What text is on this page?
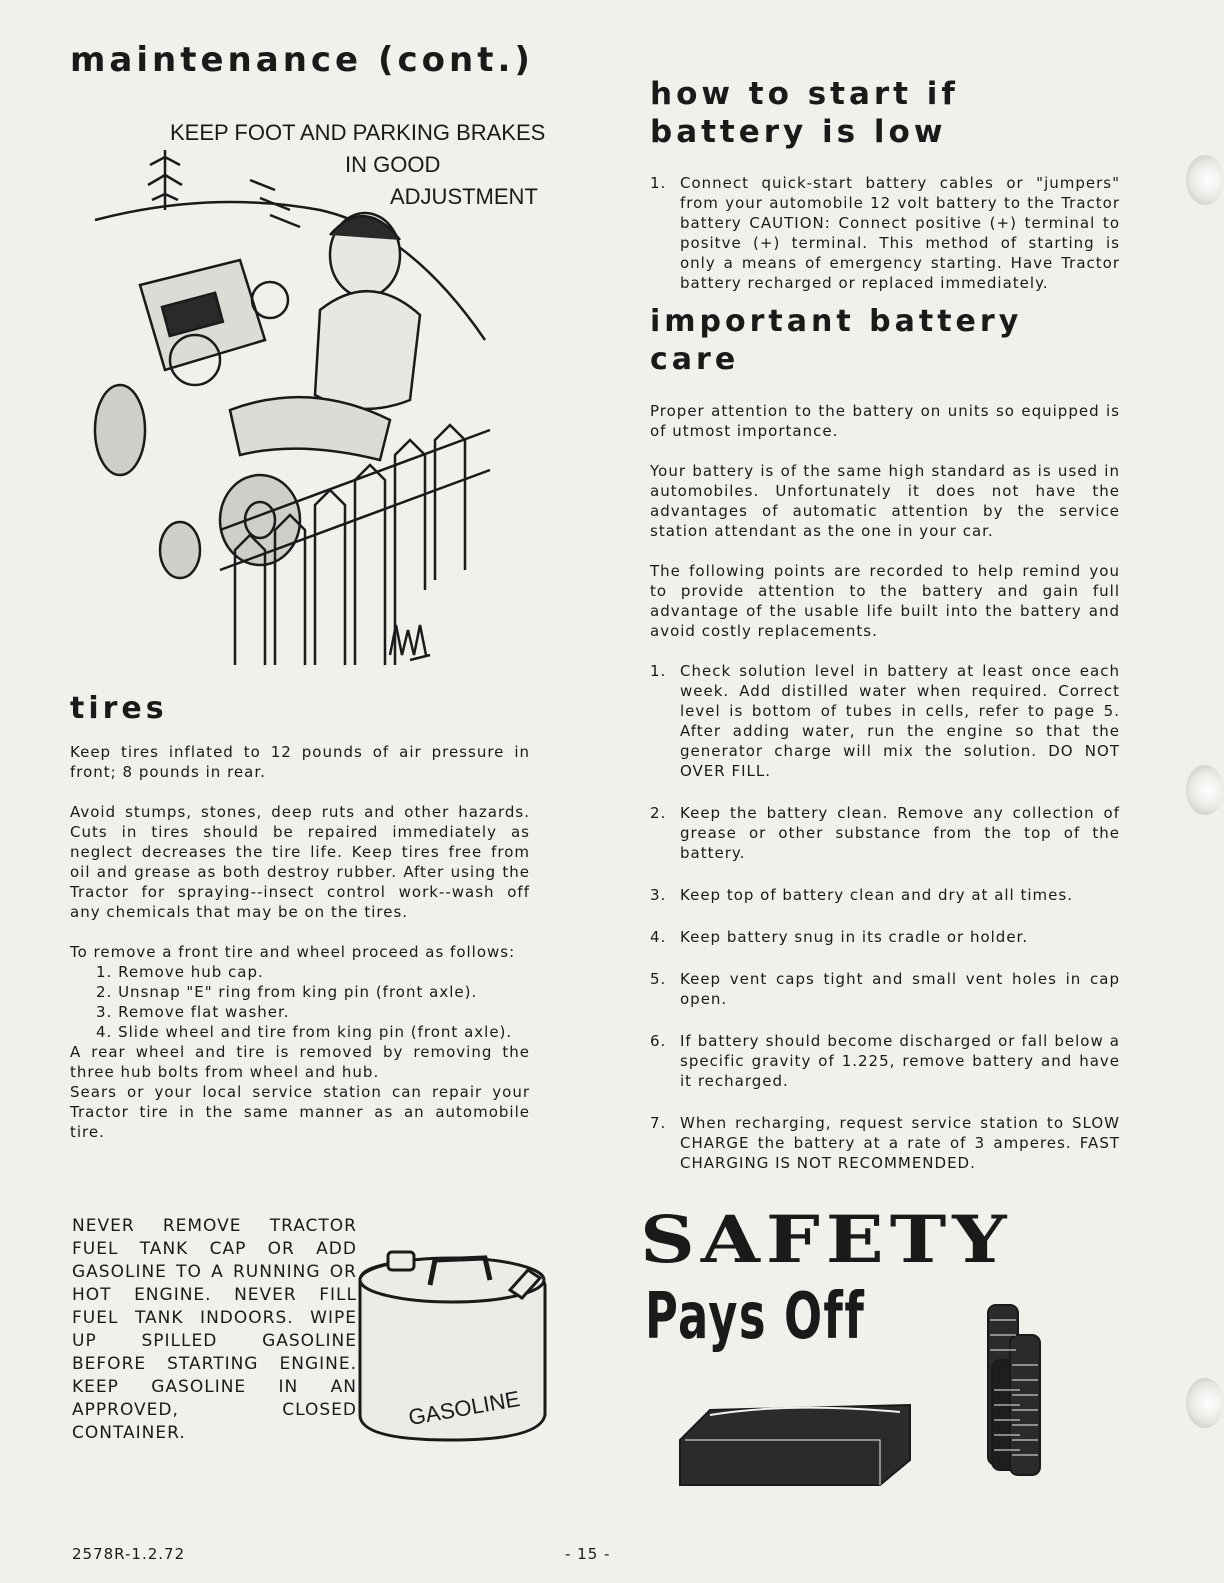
maintenance (cont.)
KEEP FOOT AND PARKING BRAKES
IN GOOD
ADJUSTMENT
tires

Keep tires inflated to 12 pounds of air pressure in front; 8 pounds in rear.

Avoid stumps, stones, deep ruts and other hazards. Cuts in tires should be repaired immediately as neglect decreases the tire life. Keep tires free from oil and grease as both destroy rubber. After using the Tractor for spraying--insect control work--wash off any chemicals that may be on the tires.

To remove a front tire and wheel proceed as follows:

1. Remove hub cap.
2. Unsnap "E" ring from king pin (front axle).
3. Remove flat washer.
4. Slide wheel and tire from king pin (front axle).

A rear wheel and tire is removed by removing the three hub bolts from wheel and hub.

Sears or your local service station can repair your Tractor tire in the same manner as an automobile tire.

NEVER REMOVE TRACTOR FUEL TANK CAP OR ADD GASOLINE TO A RUNNING OR HOT ENGINE. NEVER FILL FUEL TANK INDOORS. WIPE UP SPILLED GASOLINE BEFORE STARTING ENGINE. KEEP GASOLINE IN AN APPROVED, CLOSED CONTAINER.

GASOLINE
how to start if battery is low
1. Connect quick-start battery cables or "jumpers" from your automobile 12 volt battery to the Tractor battery CAUTION: Connect positive (+) terminal to positve (+) terminal. This method of starting is only a means of emergency starting. Have Tractor battery recharged or replaced immediately.
important battery care

Proper attention to the battery on units so equipped is of utmost importance.

Your battery is of the same high standard as is used in automobiles. Unfortunately it does not have the advantages of automatic attention by the service station attendant as the one in your car.

The following points are recorded to help remind you to provide attention to the battery and gain full advantage of the usable life built into the battery and avoid costly replacements.

1. Check solution level in battery at least once each week. Add distilled water when required. Correct level is bottom of tubes in cells, refer to page 5. After adding water, run the engine so that the generator charge will mix the solution. DO NOT OVER FILL.
2. Keep the battery clean. Remove any collection of grease or other substance from the top of the battery.
3. Keep top of battery clean and dry at all times.
4. Keep battery snug in its cradle or holder.
5. Keep vent caps tight and small vent holes in cap open.
6. If battery should become discharged or fall below a specific gravity of 1.225, remove battery and have it recharged.
7. When recharging, request service station to SLOW CHARGE the battery at a rate of 3 amperes. FAST CHARGING IS NOT RECOMMENDED.
SAFETY
Pays Off
2578R-1.2.72	- 15 -
